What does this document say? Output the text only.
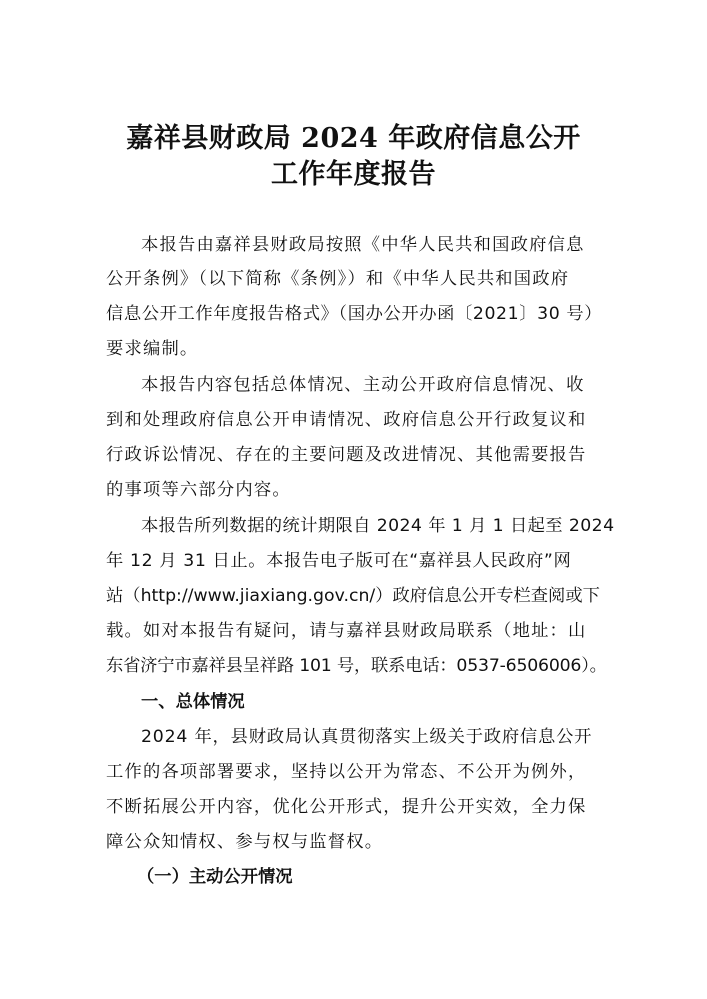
嘉祥县财政局 2024 年政府信息公开
工作年度报告
本报告由嘉祥县财政局按照《中华人民共和国政府信息
公开条例》（以下简称《条例》）和《中华人民共和国政府
信息公开工作年度报告格式》（国办公开办函〔2021〕30 号）
要求编制。
本报告内容包括总体情况、主动公开政府信息情况、收
到和处理政府信息公开申请情况、政府信息公开行政复议和
行政诉讼情况、存在的主要问题及改进情况、其他需要报告
的事项等六部分内容。
本报告所列数据的统计期限自 2024 年 1 月 1 日起至 2024
年 12 月 31 日止。本报告电子版可在“嘉祥县人民政府”网
站（http://www.jiaxiang.gov.cn/）政府信息公开专栏查阅或下
载。如对本报告有疑问，请与嘉祥县财政局联系（地址：山
东省济宁市嘉祥县呈祥路 101 号，联系电话：0537-6506006）。
一、总体情况
2024 年，县财政局认真贯彻落实上级关于政府信息公开
工作的各项部署要求，坚持以公开为常态、不公开为例外，
不断拓展公开内容，优化公开形式，提升公开实效，全力保
障公众知情权、参与权与监督权。
（一）主动公开情况
